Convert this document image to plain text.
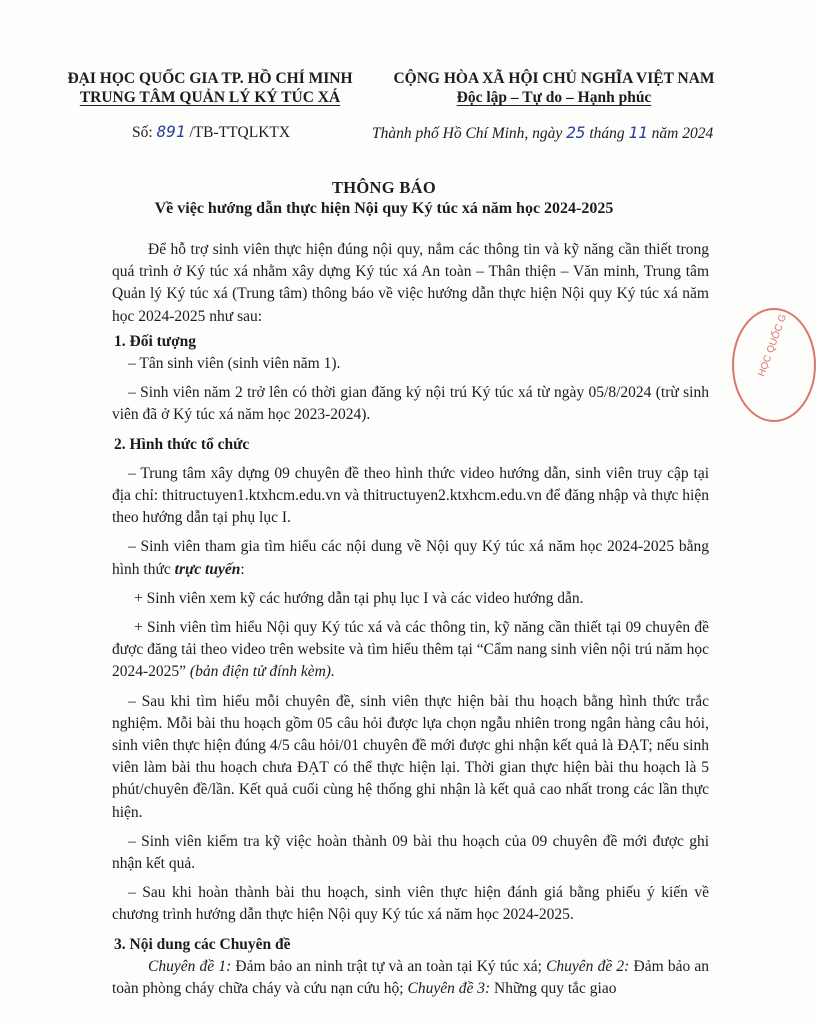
ĐẠI HỌC QUỐC GIA TP. HỒ CHÍ MINH
TRUNG TÂM QUẢN LÝ KÝ TÚC XÁ
CỘNG HÒA XÃ HỘI CHỦ NGHĨA VIỆT NAM
Độc lập – Tự do – Hạnh phúc
Số: 891 /TB-TTQLKTX	Thành phố Hồ Chí Minh, ngày 25 tháng 11 năm 2024
THÔNG BÁO
Về việc hướng dẫn thực hiện Nội quy Ký túc xá năm học 2024-2025

Để hỗ trợ sinh viên thực hiện đúng nội quy, nắm các thông tin và kỹ năng cần thiết trong quá trình ở Ký túc xá nhằm xây dựng Ký túc xá An toàn – Thân thiện – Văn minh, Trung tâm Quản lý Ký túc xá (Trung tâm) thông báo về việc hướng dẫn thực hiện Nội quy Ký túc xá năm học 2024-2025 như sau:

1. Đối tượng

– Tân sinh viên (sinh viên năm 1).

– Sinh viên năm 2 trở lên có thời gian đăng ký nội trú Ký túc xá từ ngày 05/8/2024 (trừ sinh viên đã ở Ký túc xá năm học 2023-2024).

2. Hình thức tổ chức

– Trung tâm xây dựng 09 chuyên đề theo hình thức video hướng dẫn, sinh viên truy cập tại địa chỉ: thitructuyen1.ktxhcm.edu.vn và thitructuyen2.ktxhcm.edu.vn để đăng nhập và thực hiện theo hướng dẫn tại phụ lục I.

– Sinh viên tham gia tìm hiểu các nội dung về Nội quy Ký túc xá năm học 2024-2025 bằng hình thức trực tuyến:

+ Sinh viên xem kỹ các hướng dẫn tại phụ lục I và các video hướng dẫn.

+ Sinh viên tìm hiểu Nội quy Ký túc xá và các thông tin, kỹ năng cần thiết tại 09 chuyên đề được đăng tải theo video trên website và tìm hiểu thêm tại “Cẩm nang sinh viên nội trú năm học 2024-2025” (bản điện tử đính kèm).

– Sau khi tìm hiểu mỗi chuyên đề, sinh viên thực hiện bài thu hoạch bằng hình thức trắc nghiệm. Mỗi bài thu hoạch gồm 05 câu hỏi được lựa chọn ngẫu nhiên trong ngân hàng câu hỏi, sinh viên thực hiện đúng 4/5 câu hỏi/01 chuyên đề mới được ghi nhận kết quả là ĐẠT; nếu sinh viên làm bài thu hoạch chưa ĐẠT có thể thực hiện lại. Thời gian thực hiện bài thu hoạch là 5 phút/chuyên đề/lần. Kết quả cuối cùng hệ thống ghi nhận là kết quả cao nhất trong các lần thực hiện.

– Sinh viên kiểm tra kỹ việc hoàn thành 09 bài thu hoạch của 09 chuyên đề mới được ghi nhận kết quả.

– Sau khi hoàn thành bài thu hoạch, sinh viên thực hiện đánh giá bằng phiếu ý kiến về chương trình hướng dẫn thực hiện Nội quy Ký túc xá năm học 2024-2025.

3. Nội dung các Chuyên đề

Chuyên đề 1: Đảm bảo an ninh trật tự và an toàn tại Ký túc xá; Chuyên đề 2: Đảm bảo an toàn phòng cháy chữa cháy và cứu nạn cứu hộ; Chuyên đề 3: Những quy tắc giao

HỌC QUỐC G
